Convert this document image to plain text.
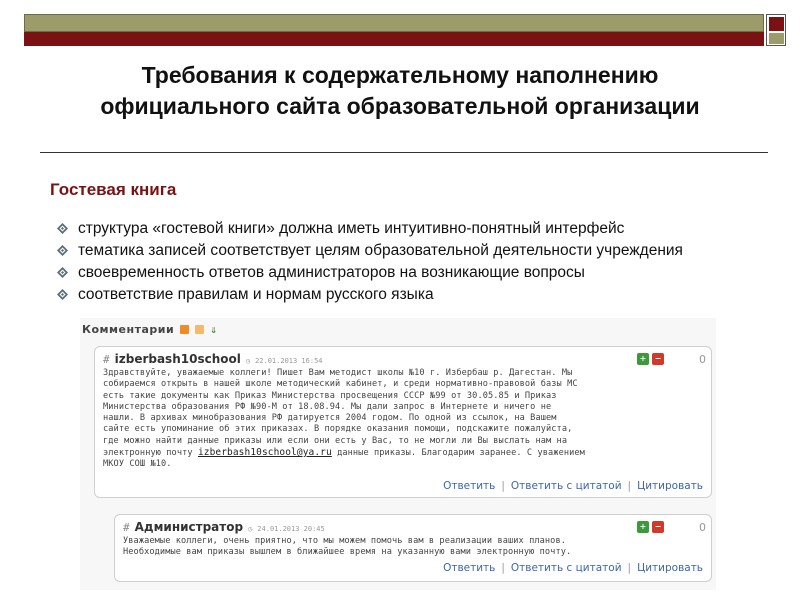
Требования к содержательному наполнению
официального сайта образовательной организации
Гостевая книга
структура «гостевой книги» должна иметь интуитивно-понятный интерфейс
тематика записей соответствует целям образовательной деятельности учреждения
своевременность ответов администраторов на возникающие вопросы
соответствие правилам и нормам русского языка
Комментарии	⇓
# izberbash10school ◷ 22.01.2013 16:54	+	−	0
Здравствуйте, уважаемые коллеги! Пишет Вам методист школы №10 г. Избербаш р. Дагестан. Мы
собираемся открыть в нашей школе методический кабинет, и среди нормативно-правовой базы МС
есть такие документы как Приказ Министерства просвещения СССР №99 от 30.05.85 и Приказ
Министерства образования РФ №90-М от 18.08.94. Мы дали запрос в Интернете и ничего не
нашли. В архивах минобразования РФ датируется 2004 годом. По одной из ссылок, на Вашем
сайте есть упоминание об этих приказах. В порядке оказания помощи, подскажите пожалуйста,
где можно найти данные приказы или если они есть у Вас, то не могли ли Вы выслать нам на
электронную почту izberbash10school@ya.ru данные приказы. Благодарим заранее. С уважением
МКОУ СОШ №10.
Ответить | Ответить с цитатой | Цитировать
# Администратор ◷ 24.01.2013 20:45	+	−	0
Уважаемые коллеги, очень приятно, что мы можем помочь вам в реализации ваших планов.
Необходимые вам приказы вышлем в ближайшее время на указанную вами электронную почту.
Ответить | Ответить с цитатой | Цитировать
